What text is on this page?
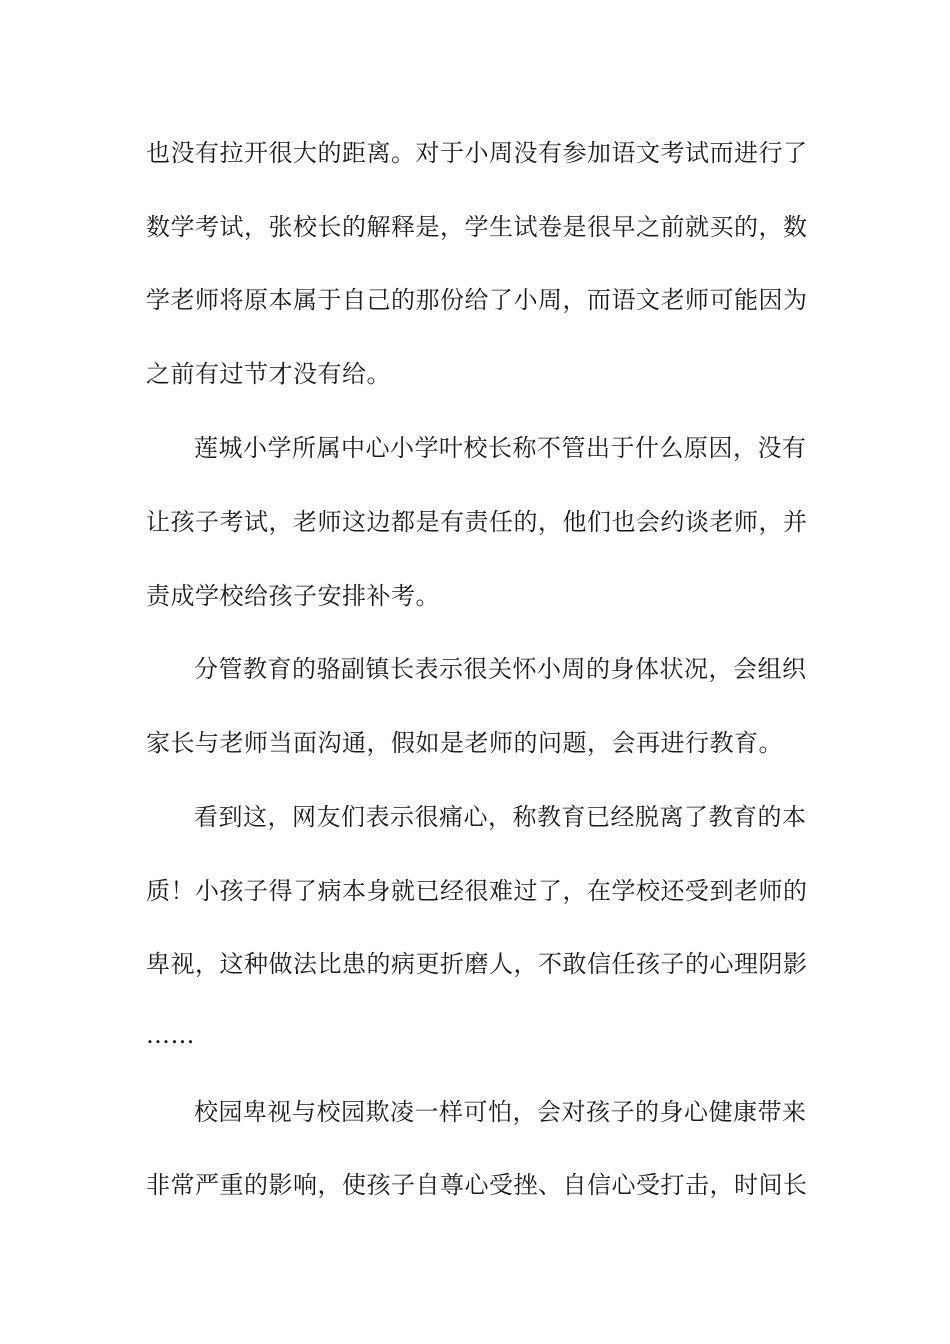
也没有拉开很大的距离。对于小周没有参加语文考试而进行了
数学考试，张校长的解释是，学生试卷是很早之前就买的，数
学老师将原本属于自己的那份给了小周，而语文老师可能因为
之前有过节才没有给。
莲城小学所属中心小学叶校长称不管出于什么原因，没有
让孩子考试，老师这边都是有责任的，他们也会约谈老师，并
责成学校给孩子安排补考。
分管教育的骆副镇长表示很关怀小周的身体状况，会组织
家长与老师当面沟通，假如是老师的问题，会再进行教育。
看到这，网友们表示很痛心，称教育已经脱离了教育的本
质！小孩子得了病本身就已经很难过了，在学校还受到老师的
卑视，这种做法比患的病更折磨人，不敢信任孩子的心理阴影
……
校园卑视与校园欺凌一样可怕，会对孩子的身心健康带来
非常严重的影响，使孩子自尊心受挫、自信心受打击，时间长
